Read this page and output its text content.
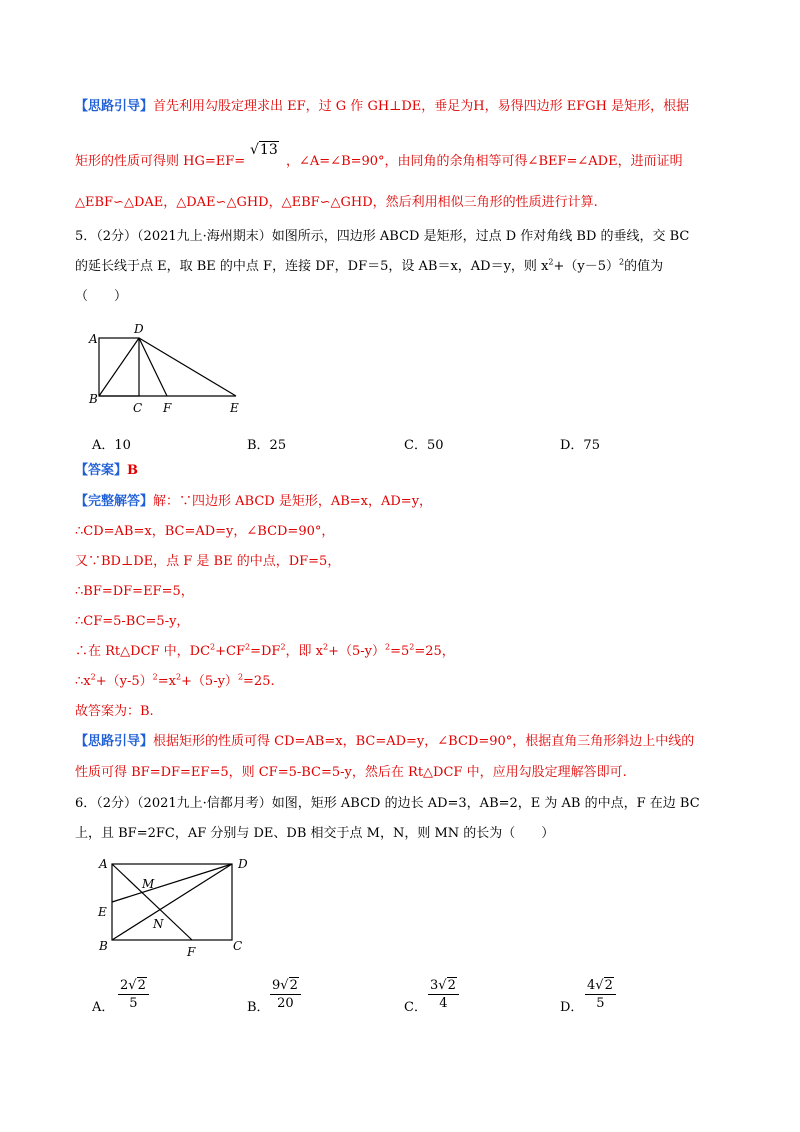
【思路引导】首先利用勾股定理求出 EF，过 G 作 GH⊥DE，垂足为H，易得四边形 EFGH 是矩形，根据
矩形的性质可得则 HG=EF=
√13
，∠A=∠B=90°，由同角的余角相等可得∠BEF=∠ADE，进而证明
△EBF∽△DAE，△DAE∽△GHD，△EBF∽△GHD，然后利用相似三角形的性质进行计算.
5．（2分）（2021九上·海州期末）如图所示，四边形 ABCD 是矩形，过点 D 作对角线 BD 的垂线，交 BC
的延长线于点 E，取 BE 的中点 F，连接 DF，DF＝5，设 AB＝x，AD＝y，则 $x^2+(y-5)^2$的值为
（　　）
A
D
B
C F	E
A．10	B．25	C．50	D．75
【答案】B
【完整解答】解：∵四边形 ABCD 是矩形，AB=x，AD=y，
∴CD=AB=x，BC=AD=y，∠BCD=90°，
又∵BD⊥DE，点 F 是 BE 的中点，DF=5，
∴BF=DF=EF=5，
∴CF=5-BC=5-y，
∴在 Rt△DCF 中，$DC^2+CF^2=DF^2$，即 $x^2+(5-y)^2=5^2=25$，
$\therefore x^2+(y-5)^2=x^2+(5-y)^2=25$.
故答案为：B.
【思路引导】根据矩形的性质可得 CD=AB=x，BC=AD=y，∠BCD=90°，根据直角三角形斜边上中线的
性质可得 BF=DF=EF=5，则 CF=5-BC=5-y，然后在 Rt△DCF 中，应用勾股定理解答即可.
6．（2分）（2021九上·信都月考）如图，矩形 ABCD 的边长 AD=3，AB=2，E 为 AB 的中点，F 在边 BC
上，且 BF=2FC，AF 分别与 DE、DB 相交于点 M，N，则 MN 的长为（　　）
A	D
M
E
N
B	F	C
A． $\frac{2√2}{5}$	B． $\frac{9√2}{20}$	C． $\frac{3√2}{4}$	D． $\frac{4√2}{5}$
